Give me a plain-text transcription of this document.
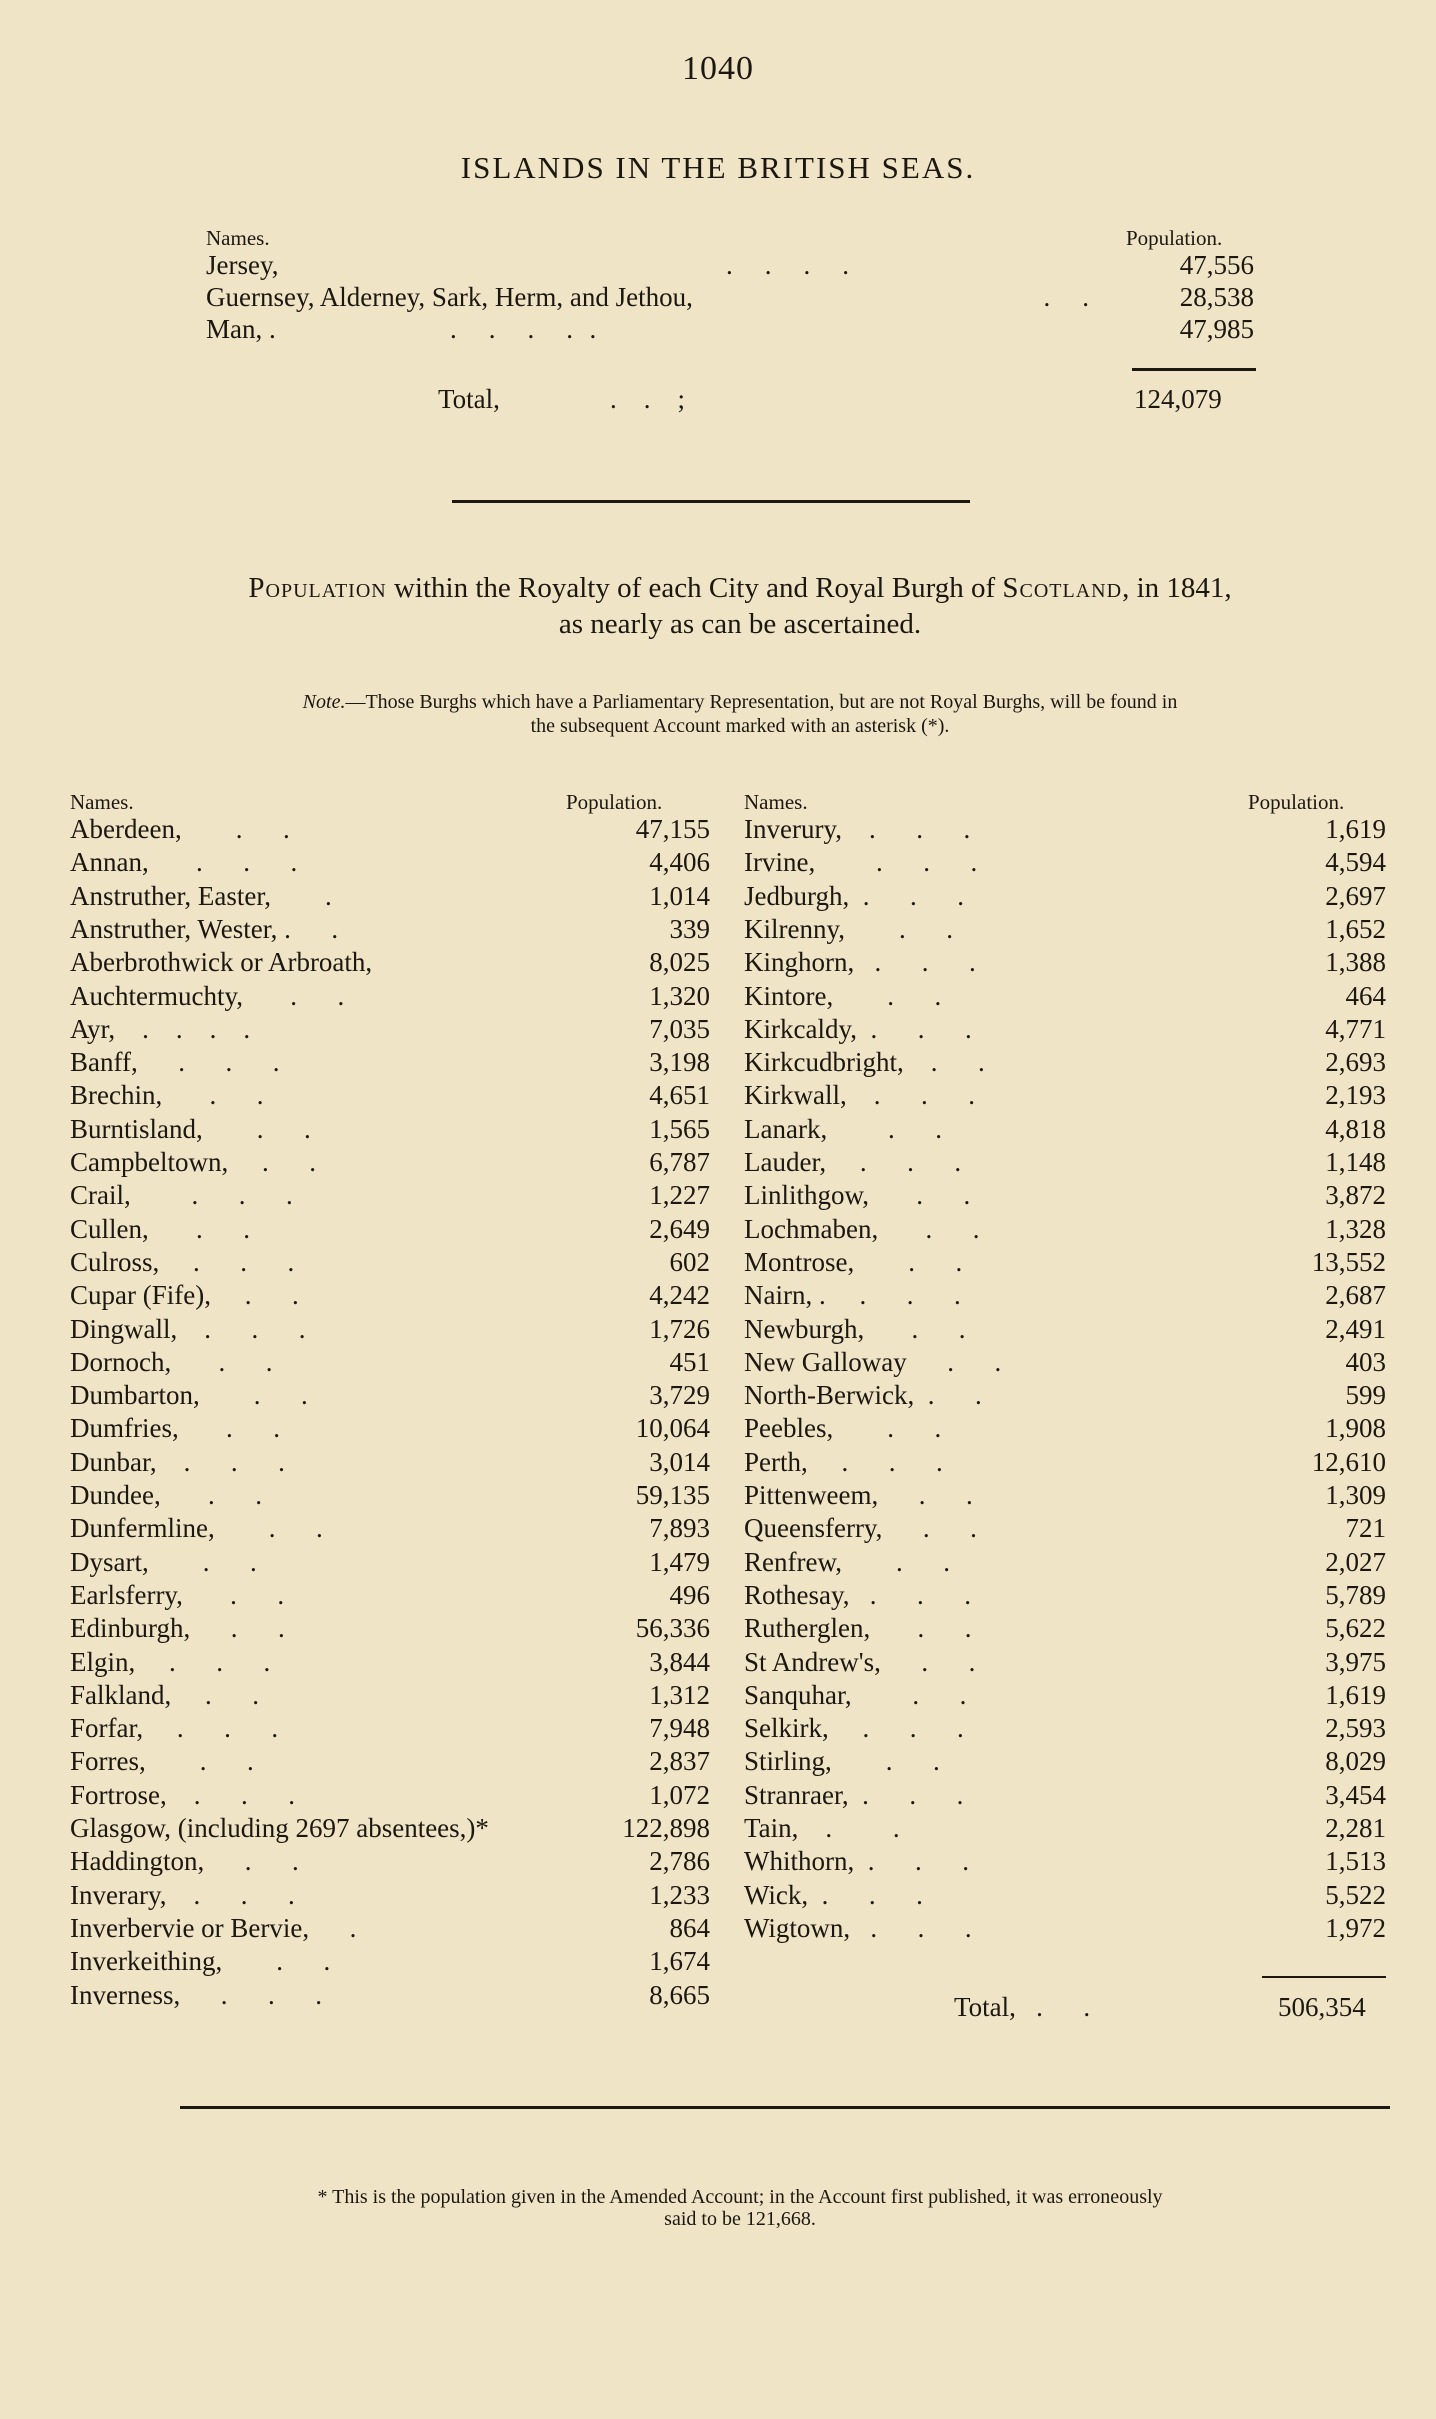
1040
ISLANDS IN THE BRITISH SEAS.
Names.	Population.
Jersey,	.    .    .    .	47,556
Guernsey, Alderney, Sark, Herm, and Jethou,	.    .	28,538
Man, .	.    .    .    .  .	47,985
Total,	.    .    ;	124,079
Population within the Royalty of each City and Royal Burgh of Scotland, in 1841,
as nearly as can be ascertained.
Note.—Those Burghs which have a Parliamentary Representation, but are not Royal Burghs, will be found in
the subsequent Account marked with an asterisk (*).
Names.	Population.	Names.	Population.
Aberdeen,        .      .	47,155
Annan,       .      .      .	4,406
Anstruther, Easter,        .	1,014
Anstruther, Wester, .      .	339
Aberbrothwick or Arbroath,	8,025
Auchtermuchty,       .      .	1,320
Ayr,    .    .    .    .	7,035
Banff,      .      .      .	3,198
Brechin,       .      .	4,651
Burntisland,        .      .	1,565
Campbeltown,     .      .	6,787
Crail,         .      .      .	1,227
Cullen,       .      .	2,649
Culross,     .      .      .	602
Cupar (Fife),     .      .	4,242
Dingwall,    .      .      .	1,726
Dornoch,       .      .	451
Dumbarton,        .      .	3,729
Dumfries,       .      .	10,064
Dunbar,    .      .      .	3,014
Dundee,       .      .	59,135
Dunfermline,        .      .	7,893
Dysart,        .      .	1,479
Earlsferry,       .      .	496
Edinburgh,      .      .	56,336
Elgin,     .      .      .	3,844
Falkland,     .      .	1,312
Forfar,     .      .      .	7,948
Forres,        .      .	2,837
Fortrose,    .      .      .	1,072
Glasgow, (including 2697 absentees,)*	122,898
Haddington,      .      .	2,786
Inverary,    .      .      .	1,233
Inverbervie or Bervie,      .	864
Inverkeithing,        .      .	1,674
Inverness,      .      .      .	8,665
Inverury,    .      .      .	1,619
Irvine,         .      .      .	4,594
Jedburgh,  .      .      .	2,697
Kilrenny,        .      .	1,652
Kinghorn,   .      .      .	1,388
Kintore,        .      .	464
Kirkcaldy,  .      .      .	4,771
Kirkcudbright,    .      .	2,693
Kirkwall,    .      .      .	2,193
Lanark,         .      .	4,818
Lauder,     .      .      .	1,148
Linlithgow,       .      .	3,872
Lochmaben,       .      .	1,328
Montrose,        .      .	13,552
Nairn, .     .      .      .	2,687
Newburgh,       .      .	2,491
New Galloway      .      .	403
North-Berwick,  .      .	599
Peebles,        .      .	1,908
Perth,     .      .      .	12,610
Pittenweem,      .      .	1,309
Queensferry,      .      .	721
Renfrew,        .      .	2,027
Rothesay,   .      .      .	5,789
Rutherglen,       .      .	5,622
St Andrew's,      .      .	3,975
Sanquhar,         .      .	1,619
Selkirk,     .      .      .	2,593
Stirling,        .      .	8,029
Stranraer,  .      .      .	3,454
Tain,    .         .	2,281
Whithorn,  .      .      .	1,513
Wick,  .      .      .	5,522
Wigtown,   .      .      .	1,972
Total,   .      .	506,354
* This is the population given in the Amended Account; in the Account first published, it was erroneously
said to be 121,668.
